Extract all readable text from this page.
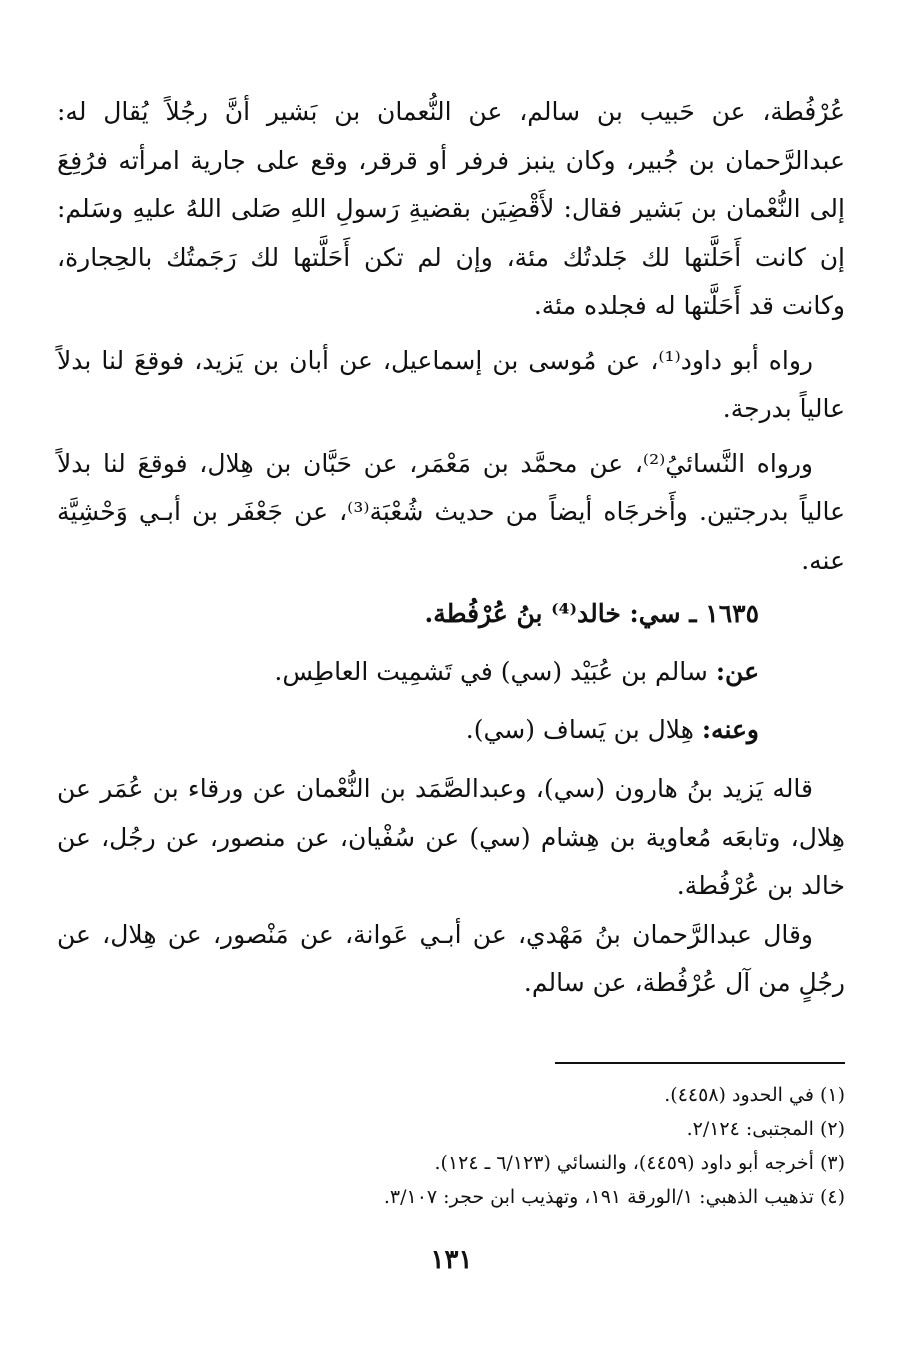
عُرْفُطة، عن حَبيب بن سالم، عن النُّعمان بن بَشير أنَّ رجُلاً يُقال له: عبدالرَّحمان بن جُبير، وكان ينبز فرفر أو قرقر، وقع على جارية امرأته فرُفِعَ إلى النُّعْمان بن بَشير فقال: لأَقْضِيَن بقضيةِ رَسولِ اللهِ صَلى اللهُ عليهِ وسَلم: إن كانت أَحَلَّتها لك جَلدتُك مئة، وإن لم تكن أَحَلَّتها لك رَجَمتُك بالحِجارة، وكانت قد أَحَلَّتها له فجلده مئة.

رواه أبو داود⁽¹⁾، عن مُوسى بن إسماعيل، عن أبان بن يَزيد، فوقعَ لنا بدلاً عالياً بدرجة.

ورواه النَّسائيُ⁽²⁾، عن محمَّد بن مَعْمَر، عن حَبَّان بن هِلال، فوقعَ لنا بدلاً عالياً بدرجتين. وأَخرجَاه أيضاً من حديث شُعْبَة⁽³⁾، عن جَعْفَر بن أبـي وَحْشِيَّة عنه.

١٦٣٥ ـ سي: خالد⁽⁴⁾ بنُ عُرْفُطة.

عن: سالم بن عُبَيْد (سي) في تَشمِيت العاطِس.

وعنه: هِلال بن يَساف (سي).

قاله يَزيد بنُ هارون (سي)، وعبدالصَّمَد بن النُّعْمان عن ورقاء بن عُمَر عن هِلال، وتابعَه مُعاوية بن هِشام (سي) عن سُفْيان، عن منصور، عن رجُل، عن خالد بن عُرْفُطة.

وقال عبدالرَّحمان بنُ مَهْدي، عن أبـي عَوانة، عن مَنْصور، عن هِلال، عن رجُلٍ من آل عُرْفُطة، عن سالم.

(١) في الحدود (٤٤٥٨).

(٢) المجتبى: ٢/١٢٤.

(٣) أخرجه أبو داود (٤٤٥٩)، والنسائي (٦/١٢٣ ـ ١٢٤).

(٤) تذهيب الذهبي: ١/الورقة ١٩١، وتهذيب ابن حجر: ٣/١٠٧.

١٣١
